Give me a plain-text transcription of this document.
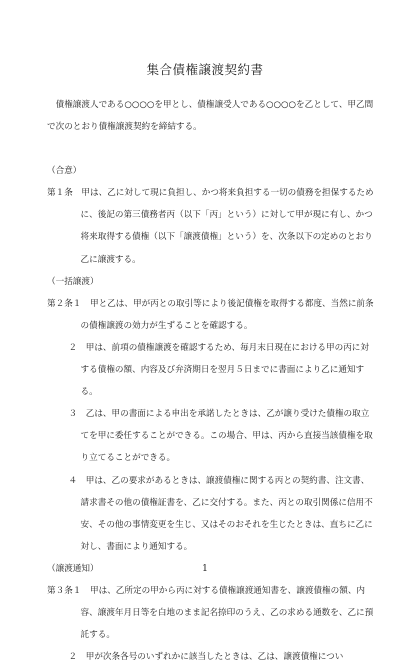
集合債権譲渡契約書

債権譲渡人である○○○○を甲とし、債権譲受人である○○○○を乙として、甲乙間で次のとおり債権譲渡契約を締結する。

（合意）

第１条　 甲は、乙に対して現に負担し、かつ将来負担する一切の債務を担保するために、後記の第三債務者丙（以下「丙」という）に対して甲が現に有し、かつ将来取得する債権（以下「譲渡債権」という）を、次条以下の定めのとおり乙に譲渡する。

（一括譲渡）

第２条１　 甲と乙は、甲が丙との取引等により後記債権を取得する都度、当然に前条の債権譲渡の効力が生ずることを確認する。

２　 甲は、前項の債権譲渡を確認するため、毎月末日現在における甲の丙に対する債権の額、内容及び弁済期日を翌月５日までに書面により乙に通知する。

３　 乙は、甲の書面による申出を承諾したときは、乙が譲り受けた債権の取立てを甲に委任することができる。この場合、甲は、丙から直接当該債権を取り立てることができる。

４　 甲は、乙の要求があるときは、譲渡債権に関する丙との契約書、注文書、請求書その他の債権証書を、乙に交付する。また、丙との取引関係に信用不安、その他の事情変更を生じ、又はそのおそれを生じたときは、直ちに乙に対し、書面により通知する。

（譲渡通知）

第３条１　 甲は、乙所定の甲から丙に対する債権譲渡通知書を、譲渡債権の額、内容、譲渡年月日等を白地のまま記名捺印のうえ、乙の求める通数を、乙に預託する。

２　 甲が次条各号のいずれかに該当したときは、乙は、譲渡債権につい

1
